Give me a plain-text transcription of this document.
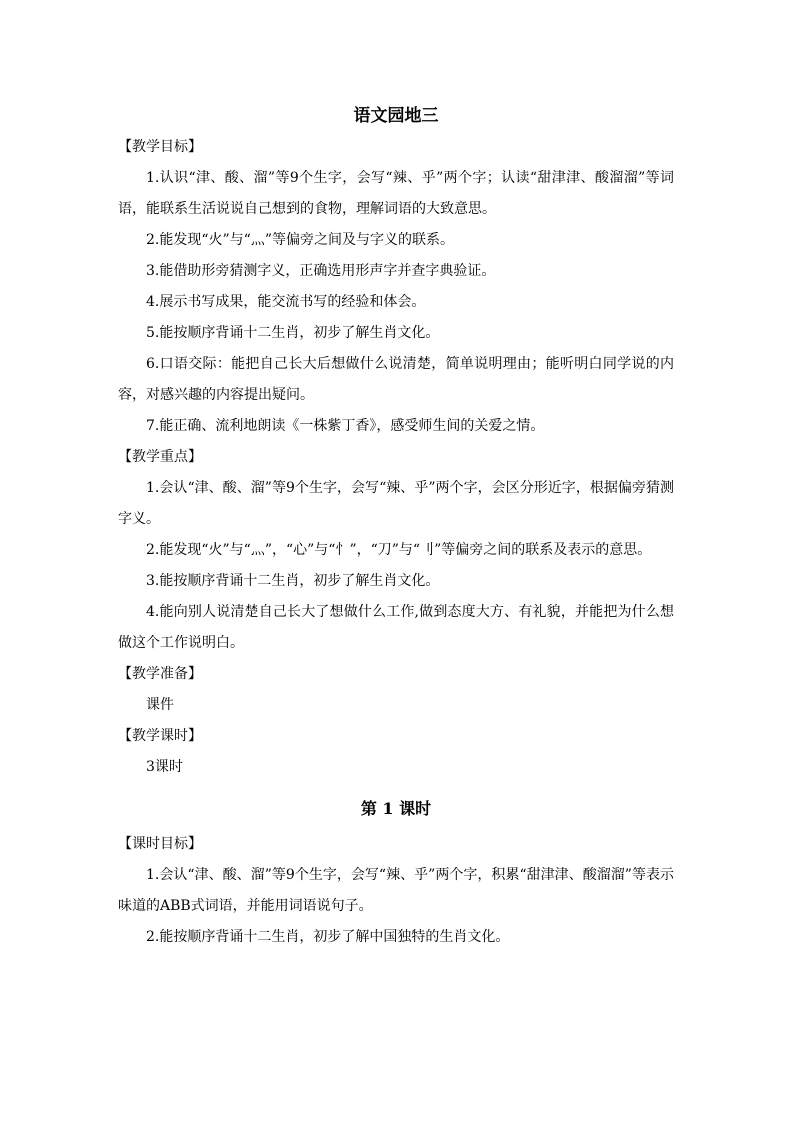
语文园地三

【教学目标】

1.认识“津、酸、溜”等9个生字，会写“辣、乎”两个字；认读“甜津津、酸溜溜”等词语，能联系生活说说自己想到的食物，理解词语的大致意思。

2.能发现“火”与“灬”等偏旁之间及与字义的联系。

3.能借助形旁猜测字义，正确选用形声字并查字典验证。

4.展示书写成果，能交流书写的经验和体会。

5.能按顺序背诵十二生肖，初步了解生肖文化。

6.口语交际：能把自己长大后想做什么说清楚，简单说明理由；能听明白同学说的内容，对感兴趣的内容提出疑问。

7.能正确、流利地朗读《一株紫丁香》，感受师生间的关爱之情。

【教学重点】

1.会认“津、酸、溜”等9个生字，会写“辣、乎”两个字，会区分形近字，根据偏旁猜测字义。

2.能发现“火”与“灬”，“心”与“忄”，“刀”与“刂”等偏旁之间的联系及表示的意思。

3.能按顺序背诵十二生肖，初步了解生肖文化。

4.能向别人说清楚自己长大了想做什么工作,做到态度大方、有礼貌，并能把为什么想做这个工作说明白。

【教学准备】

课件

【教学课时】

3课时

第 1 课时

【课时目标】

1.会认“津、酸、溜”等9个生字，会写“辣、乎”两个字，积累“甜津津、酸溜溜”等表示味道的ABB式词语，并能用词语说句子。

2.能按顺序背诵十二生肖，初步了解中国独特的生肖文化。
